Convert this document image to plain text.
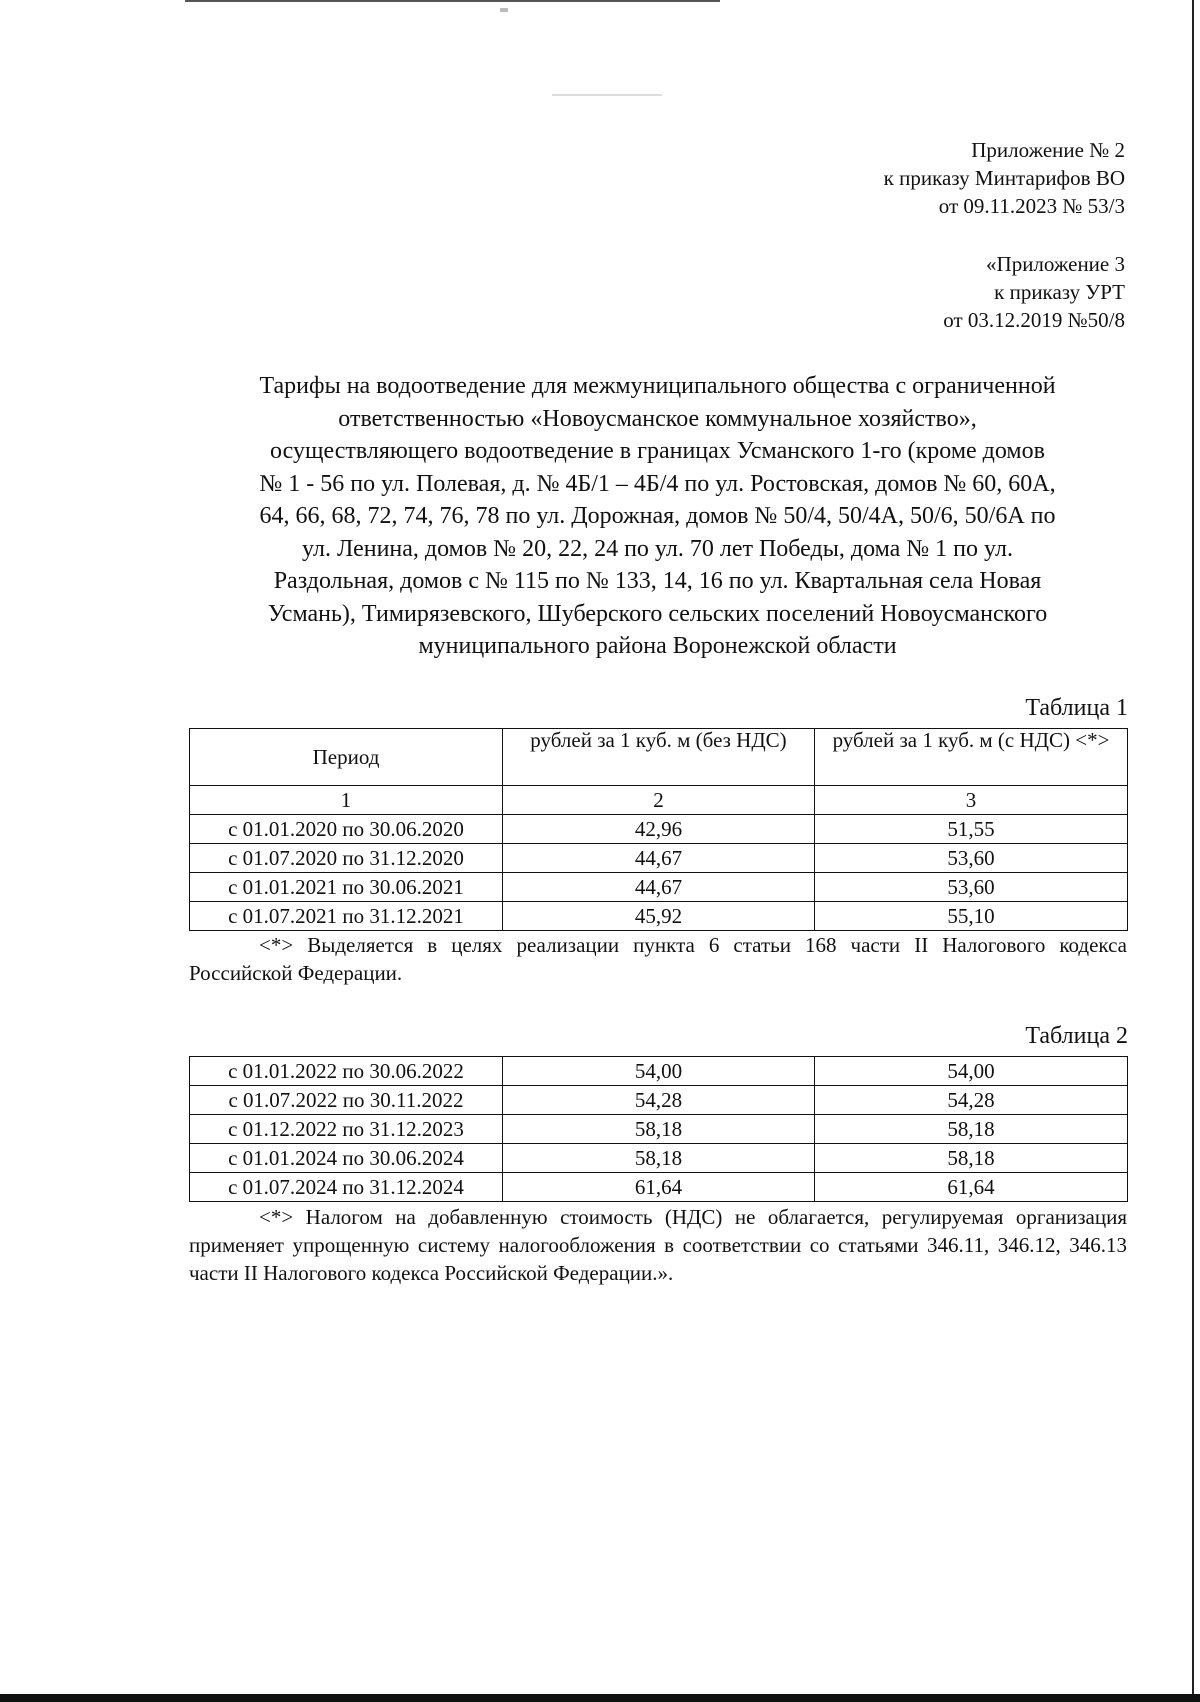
Приложение № 2
к приказу Минтарифов ВО
от 09.11.2023 № 53/3
«Приложение 3
к приказу УРТ
от 03.12.2019 №50/8
Тарифы на водоотведение для межмуниципального общества с ограниченной
ответственностью «Новоусманское коммунальное хозяйство»,
осуществляющего водоотведение в границах Усманского 1-го (кроме домов
№ 1 - 56 по ул. Полевая, д. № 4Б/1 – 4Б/4 по ул. Ростовская, домов № 60, 60А,
64, 66, 68, 72, 74, 76, 78 по ул. Дорожная, домов № 50/4, 50/4А, 50/6, 50/6А по
ул. Ленина, домов № 20, 22, 24 по ул. 70 лет Победы, дома № 1 по ул.
Раздольная, домов с № 115 по № 133, 14, 16 по ул. Квартальная села Новая
Усмань), Тимирязевского, Шуберского сельских поселений Новоусманского
муниципального района Воронежской области
Таблица 1
Период	рублей за 1 куб. м (без НДС)	рублей за 1 куб. м (с НДС) <*>
1	2	3
с 01.01.2020 по 30.06.2020	42,96	51,55
с 01.07.2020 по 31.12.2020	44,67	53,60
с 01.01.2021 по 30.06.2021	44,67	53,60
с 01.07.2021 по 31.12.2021	45,92	55,10
<*> Выделяется в целях реализации пункта 6 статьи 168 части II Налогового кодекса Российской Федерации.
Таблица 2
с 01.01.2022 по 30.06.2022	54,00	54,00
с 01.07.2022 по 30.11.2022	54,28	54,28
с 01.12.2022 по 31.12.2023	58,18	58,18
с 01.01.2024 по 30.06.2024	58,18	58,18
с 01.07.2024 по 31.12.2024	61,64	61,64
<*> Налогом на добавленную стоимость (НДС) не облагается, регулируемая организация применяет упрощенную систему налогообложения в соответствии со статьями 346.11, 346.12, 346.13 части II Налогового кодекса Российской Федерации.».
